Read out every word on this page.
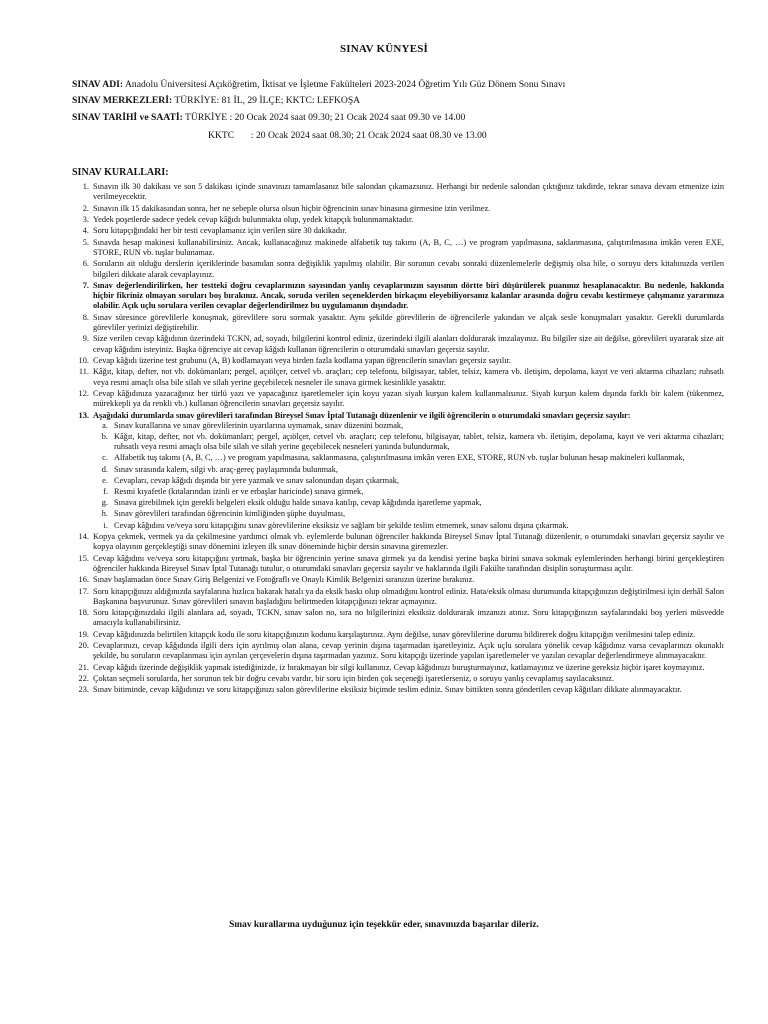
SINAV KÜNYESİ
SINAV ADI: Anadolu Üniversitesi Açıköğretim, İktisat ve İşletme Fakülteleri 2023-2024 Öğretim Yılı Güz Dönem Sonu Sınavı
SINAV MERKEZLERİ: TÜRKİYE: 81 İL, 29 İLÇE; KKTC: LEFKOŞA
SINAV TARİHİ ve SAATİ: TÜRKİYE : 20 Ocak 2024 saat 09.30; 21 Ocak 2024 saat 09.30 ve 14.00
KKTC       : 20 Ocak 2024 saat 08.30; 21 Ocak 2024 saat 08.30 ve 13.00
SINAV KURALLARI:
1. Sınavın ilk 30 dakikası ve son 5 dakikası içinde sınavınızı tamamlasanız bile salondan çıkamazsınız. Herhangi bir nedenle salondan çıktığınız takdirde, tekrar sınava devam etmenize izin verilmeyecektir.
2. Sınavın ilk 15 dakikasından sonra, her ne sebeple olursa olsun hiçbir öğrencinin sınav binasına girmesine izin verilmez.
3. Yedek poşetlerde sadece yedek cevap kâğıdı bulunmakta olup, yedek kitapçık bulunmamaktadır.
4. Soru kitapçığındaki her bir testi cevaplamanız için verilen süre 30 dakikadır.
5. Sınavda hesap makinesi kullanabilirsiniz. Ancak, kullanacağınız makinede alfabetik tuş takımı (A, B, C, …) ve program yapılmasına, saklanmasına, çalıştırılmasına imkân veren EXE, STORE, RUN vb. tuşlar bulunamaz.
6. Soruların ait olduğu derslerin içeriklerinde basımdan sonra değişiklik yapılmış olabilir. Bir sorunun cevabı sonraki düzenlemelerle değişmiş olsa bile, o soruyu ders kitabınızda verilen bilgileri dikkate alarak cevaplayınız.
7. Sınav değerlendirilirken, her testteki doğru cevaplarınızın sayısından yanlış cevaplarınızın sayısının dörtte biri düşürülerek puanınız hesaplanacaktır. Bu nedenle, hakkında hiçbir fikriniz olmayan soruları boş bırakınız. Ancak, soruda verilen seçeneklerden birkaçını eleyebiliyorsanız kalanlar arasında doğru cevabı kestirmeye çalışmanız yararınıza olabilir. Açık uçlu sorulara verilen cevaplar değerlendirilmez bu uygulamanın dışındadır.
8. Sınav süresince görevlilerle konuşmak, görevlilere soru sormak yasaktır. Aynı şekilde görevlilerin de öğrencilerle yakından ve alçak sesle konuşmaları yasaktır. Gerekli durumlarda görevliler yerinizi değiştirebilir.
9. Size verilen cevap kâğıdının üzerindeki TCKN, ad, soyadı, bilgilerini kontrol ediniz, üzerindeki ilgili alanları doldurarak imzalayınız. Bu bilgiler size ait değilse, görevlileri uyararak size ait cevap kâğıdını isteyiniz. Başka öğrenciye ait cevap kâğıdı kullanan öğrencilerin o oturumdaki sınavları geçersiz sayılır.
10. Cevap kâğıdı üzerine test grubunu (A, B) kodlamayan veya birden fazla kodlama yapan öğrencilerin sınavları geçersiz sayılır.
11. Kâğıt, kitap, defter, not vb. dokümanları; pergel, açıölçer, cetvel vb. araçları; cep telefonu, bilgisayar, tablet, telsiz, kamera vb. iletişim, depolama, kayıt ve veri aktarma cihazları; ruhsatlı veya resmi amaçlı olsa bile silah ve silah yerine geçebilecek nesneler ile sınava girmek kesinlikle yasaktır.
12. Cevap kâğıdınıza yazacağınız her türlü yazı ve yapacağınız işaretlemeler için koyu yazan siyah kurşun kalem kullanmalısınız. Siyah kurşun kalem dışında farklı bir kalem (tükenmez, mürekkepli ya da renkli vb.) kullanan öğrencilerin sınavları geçersiz sayılır.
13. Aşağıdaki durumlarda sınav görevlileri tarafından Bireysel Sınav İptal Tutanağı düzenlenir ve ilgili öğrencilerin o oturumdaki sınavları geçersiz sayılır:
a. Sınav kurallarına ve sınav görevlilerinin uyarılarına uymamak, sınav düzenini bozmak,
b. Kâğıt, kitap, defter, not vb. dokümanları; pergel, açıölçer, cetvel vb. araçları; cep telefonu, bilgisayar, tablet, telsiz, kamera vb. iletişim, depolama, kayıt ve veri aktarma cihazları; ruhsatlı veya resmi amaçlı olsa bile silah ve silah yerine geçebilecek nesneleri yanında bulundurmak,
c. Alfabetik tuş takımı (A, B, C, …) ve program yapılmasına, saklanmasına, çalıştırılmasına imkân veren EXE, STORE, RUN vb. tuşlar bulunan hesap makineleri kullanmak,
d. Sınav sırasında kalem, silgi vb. araç-gereç paylaşımında bulunmak,
e. Cevapları, cevap kâğıdı dışında bir yere yazmak ve sınav salonundan dışarı çıkarmak,
f. Resmi kıyafetle (kıtalarından izinli er ve erbaşlar haricinde) sınava girmek,
g. Sınava girebilmek için gerekli belgeleri eksik olduğu halde sınava katılıp, cevap kâğıdında işaretleme yapmak,
h. Sınav görevlileri tarafından öğrencinin kimliğinden şüphe duyulması,
i. Cevap kâğıdını ve/veya soru kitapçığını sınav görevlilerine eksiksiz ve sağlam bir şekilde teslim etmemek, sınav salonu dışına çıkarmak.
14. Kopya çekmek, vermek ya da çekilmesine yardımcı olmak vb. eylemlerde bulunan öğrenciler hakkında Bireysel Sınav İptal Tutanağı düzenlenir, o oturumdaki sınavları geçersiz sayılır ve kopya olayının gerçekleştiği sınav dönemini izleyen ilk sınav döneminde hiçbir dersin sınavına giremezler.
15. Cevap kâğıdını ve/veya soru kitapçığını yırtmak, başka bir öğrencinin yerine sınava girmek ya da kendisi yerine başka birini sınava sokmak eylemlerinden herhangi birini gerçekleştiren öğrenciler hakkında Bireysel Sınav İptal Tutanağı tutulur, o oturumdaki sınavları geçersiz sayılır ve haklarında ilgili Fakülte tarafından disiplin soruşturması açılır.
16. Sınav başlamadan önce Sınav Giriş Belgenizi ve Fotoğraflı ve Onaylı Kimlik Belgenizi sıranızın üzerine bırakınız.
17. Soru kitapçığınızı aldığınızda sayfalarına hızlıca bakarak hatalı ya da eksik baskı olup olmadığını kontrol ediniz. Hata/eksik olması durumunda kitapçığınızın değiştirilmesi için derhâl Salon Başkanına başvurunuz. Sınav görevlileri sınavın başladığını belirtmeden kitapçığınızı tekrar açmayınız.
18. Soru kitapçığınızdaki ilgili alanlara ad, soyadı, TCKN, sınav salon no, sıra no bilgilerinizi eksiksiz doldurarak imzanızı atınız. Soru kitapçığınızın sayfalarındaki boş yerleri müsvedde amacıyla kullanabilirsiniz.
19. Cevap kâğıdınızda belirtilen kitapçık kodu ile soru kitapçığınızın kodunu karşılaştırınız. Aynı değilse, sınav görevlilerine durumu bildirerek doğru kitapçığın verilmesini talep ediniz.
20. Cevaplarınızı, cevap kâğıdında ilgili ders için ayrılmış olan alana, cevap yerinin dışına taşırmadan işaretleyiniz. Açık uçlu sorulara yönelik cevap kâğıdınız varsa cevaplarınızı okunaklı şekilde, bu soruların cevaplanması için ayrılan çerçevelerin dışına taşırmadan yazınız. Soru kitapçığı üzerinde yapılan işaretlemeler ve yazılan cevaplar değerlendirmeye alınmayacaktır.
21. Cevap kâğıdı üzerinde değişiklik yapmak istediğinizde, iz bırakmayan bir silgi kullanınız. Cevap kâğıdınızı buruşturmayınız, katlamayınız ve üzerine gereksiz hiçbir işaret koymayınız.
22. Çoktan seçmeli sorularda, her sorunun tek bir doğru cevabı vardır, bir soru için birden çok seçeneği işaretlerseniz, o soruyu yanlış cevaplamış sayılacaksınız.
23. Sınav bitiminde, cevap kâğıdınızı ve soru kitapçığınızı salon görevlilerine eksiksiz biçimde teslim ediniz. Sınav bittikten sonra gönderilen cevap kâğıtları dikkate alınmayacaktır.
Sınav kurallarına uyduğunuz için teşekkür eder, sınavınızda başarılar dileriz.
